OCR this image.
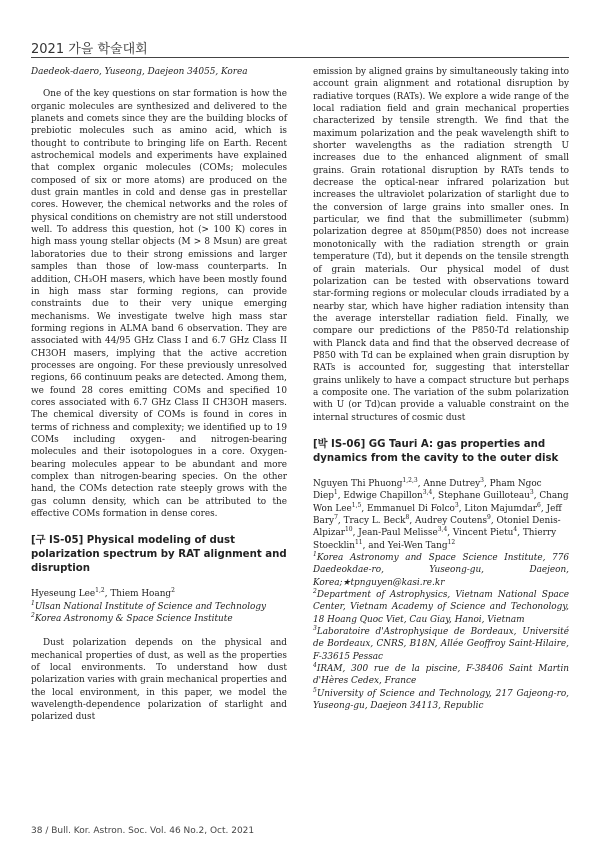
2021 가을 학술대회

Daedeok-daero, Yuseong, Daejeon 34055, Korea

One of the key questions on star formation is how the organic molecules are synthesized and delivered to the planets and comets since they are the building blocks of prebiotic molecules such as amino acid, which is thought to contribute to bringing life on Earth. Recent astrochemical models and experiments have explained that complex organic molecules (COMs; molecules composed of six or more atoms) are produced on the dust grain mantles in cold and dense gas in prestellar cores. However, the chemical networks and the roles of physical conditions on chemistry are not still understood well. To address this question, hot (> 100 K) cores in high mass young stellar objects (M > 8 Msun) are great laboratories due to their strong emissions and larger samples than those of low-mass counterparts. In addition, CH₃OH masers, which have been mostly found in high mass star forming regions, can provide constraints due to their very unique emerging mechanisms. We investigate twelve high mass star forming regions in ALMA band 6 observation. They are associated with 44/95 GHz Class I and 6.7 GHz Class II CH3OH masers, implying that the active accretion processes are ongoing. For these previously unresolved regions, 66 continuum peaks are detected. Among them, we found 28 cores emitting COMs and specified 10 cores associated with 6.7 GHz Class II CH3OH masers. The chemical diversity of COMs is found in cores in terms of richness and complexity; we identified up to 19 COMs including oxygen- and nitrogen-bearing molecules and their isotopologues in a core. Oxygen-bearing molecules appear to be abundant and more complex than nitrogen-bearing species. On the other hand, the COMs detection rate steeply grows with the gas column density, which can be attributed to the effective COMs formation in dense cores.

[구 IS-05] Physical modeling of dust polarization spectrum by RAT alignment and disruption

Hyeseung Lee$^{1,2}$, Thiem Hoang$^2$

$^1$Ulsan National Institute of Science and Technology
$^2$Korea Astronomy & Space Science Institute

Dust polarization depends on the physical and mechanical properties of dust, as well as the properties of local environments. To understand how dust polarization varies with grain mechanical properties and the local environment, in this paper, we model the wavelength-dependence polarization of starlight and polarized dust

emission by aligned grains by simultaneously taking into account grain alignment and rotational disruption by radiative torques (RATs). We explore a wide range of the local radiation field and grain mechanical properties characterized by tensile strength. We find that the maximum polarization and the peak wavelength shift to shorter wavelengths as the radiation strength U increases due to the enhanced alignment of small grains. Grain rotational disruption by RATs tends to decrease the optical-near infrared polarization but increases the ultraviolet polarization of starlight due to the conversion of large grains into smaller ones. In particular, we find that the submillimeter (submm) polarization degree at 850μm(P850) does not increase monotonically with the radiation strength or grain temperature (Td), but it depends on the tensile strength of grain materials. Our physical model of dust polarization can be tested with observations toward star-forming regions or molecular clouds irradiated by a nearby star, which have higher radiation intensity than the average interstellar radiation field. Finally, we compare our predictions of the P850-Td relationship with Planck data and find that the observed decrease of P850 with Td can be explained when grain disruption by RATs is accounted for, suggesting that interstellar grains unlikely to have a compact structure but perhaps a composite one. The variation of the subm polarization with U (or Td)can provide a valuable constraint on the internal structures of cosmic dust

[박 IS-06] GG Tauri A: gas properties and dynamics from the cavity to the outer disk

Nguyen Thi Phuong$^{1,2,3}$, Anne Dutrey$^3$, Pham Ngoc Diep$^1$, Edwige Chapillon$^{3,4}$, Stephane Guilloteau$^3$, Chang Won Lee$^{1,5}$, Emmanuel Di Folco$^3$, Liton Majumdar$^6$, Jeff Bary$^7$, Tracy L. Beck$^8$, Audrey Coutens$^9$, Otoniel Denis-Alpizar$^{10}$, Jean-Paul Melisse$^{3,4}$, Vincent Pietu$^4$, Thierry Stoecklin$^{11}$, and Yei-Wen Tang$^{12}$

$^1$Korea Astronomy and Space Science Institute, 776 Daedeokdae-ro, Yuseong-gu, Daejeon, Korea;★tpnguyen@kasi.re.kr
$^2$Department of Astrophysics, Vietnam National Space Center, Vietnam Academy of Science and Techonology, 18 Hoang Quoc Viet, Cau Giay, Hanoi, Vietnam
$^3$Laboratoire d'Astrophysique de Bordeaux, Université de Bordeaux, CNRS, B18N, Allée Geoffroy Saint-Hilaire, F-33615 Pessac
$^4$IRAM, 300 rue de la piscine, F-38406 Saint Martin d'Hères Cedex, France
$^5$University of Science and Technology, 217 Gajeong-ro, Yuseong-gu, Daejeon 34113, Republic
38 / Bull. Kor. Astron. Soc. Vol. 46 No.2, Oct. 2021
